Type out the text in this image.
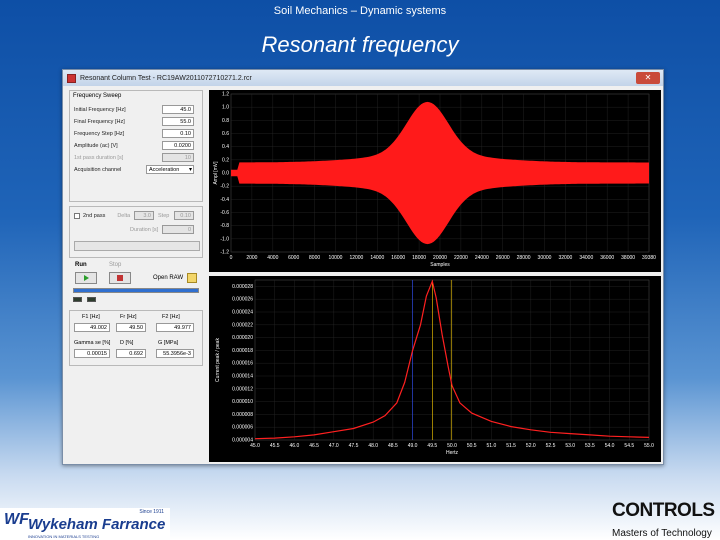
Soil Mechanics – Dynamic systems
Resonant frequency
Resonant Column Test - RC19AW2011072710271.2.rcr	✕
Frequency Sweep
Initial Frequency [Hz]	45.0
Final Frequency [Hz]	55.0
Frequency Step [Hz]	0.10
Amplitude (ac) [V]	0.0200
1st pass duration [s]	10
Acquisition channel	Acceleration ▾
2nd pass Delta	3.0	Step	0.10
Duration [s]	0
Run	Stop
Open RAW
F1 [Hz]	Fr [Hz]	F2 [Hz]
49.002	49.50	49.977
Gamma se [%] D [%]	G [MPa]
0.00015	0.692	55.3956e-3
1.2
1.0
0.8
0.6
0.4
0.2
0.0
-0.2
-0.4
-0.6
-0.8
-1.0
-1.2
0	2000 4000 6000 8000 10000 12000 14000 16000 18000 20000 22000 24000 26000 28000 30000 32000 34000 36000 38000 39380
Ampl [mV]
Samples
0.000028
0.000026
0.000024
0.000022
0.000020
0.000018
0.000016
0.000014
0.000012
0.000010
0.000008
0.000006
0.000004
45.0 45.5 46.0 46.5 47.0 47.5 48.0 48.5 49.0 49.5 50.0 50.5 51.0 51.5 52.0 52.5 53.0 53.5 54.0 54.5 55.0
Current peak / peak
Hertz
WF Wykeham Farrance
Since 1911
INNOVATION IN MATERIALS TESTING
CONTROLS
Masters of Technology
